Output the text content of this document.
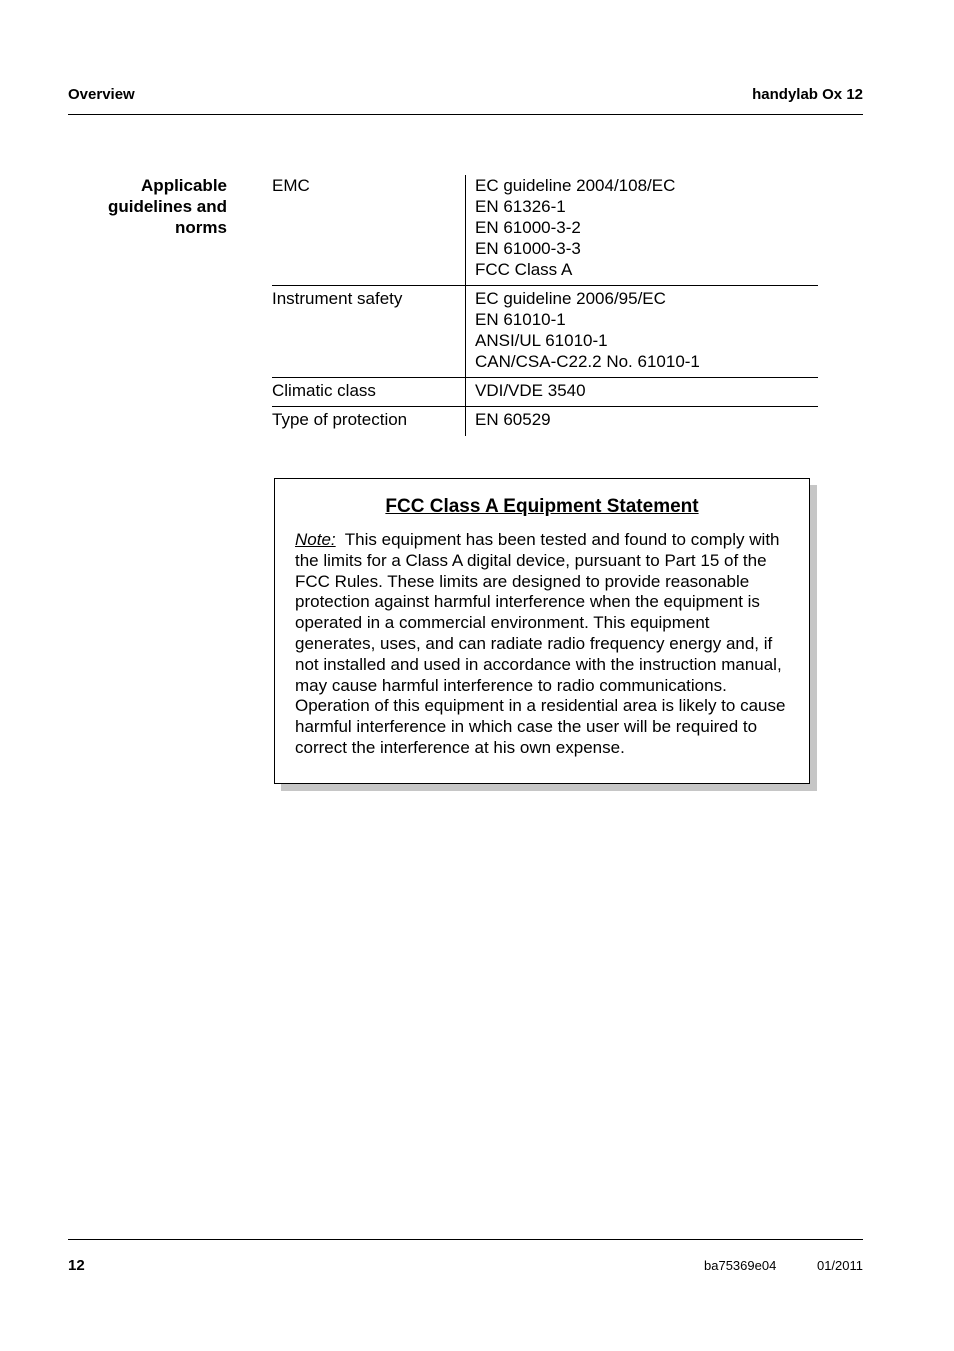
Overview	handylab Ox 12
Applicable
guidelines and
norms
EMC	EC guideline 2004/108/EC
EN 61326-1
EN 61000-3-2
EN 61000-3-3
FCC Class A

Instrument safety	EC guideline 2006/95/EC
EN 61010-1
ANSI/UL 61010-1
CAN/CSA-C22.2 No. 61010-1

Climatic class	VDI/VDE 3540

Type of protection	EN 60529
FCC Class A Equipment Statement
Note: This equipment has been tested and found to comply with the limits for a Class A digital device, pursuant to Part 15 of the FCC Rules. These limits are designed to provide reasonable protection against harmful interference when the equipment is operated in a commercial environment. This equipment generates, uses, and can radiate radio frequency energy and, if not installed and used in accordance with the instruction manual, may cause harmful interference to radio communications. Operation of this equipment in a residential area is likely to cause harmful interference in which case the user will be required to correct the interference at his own expense.
12	ba75369e04	01/2011
